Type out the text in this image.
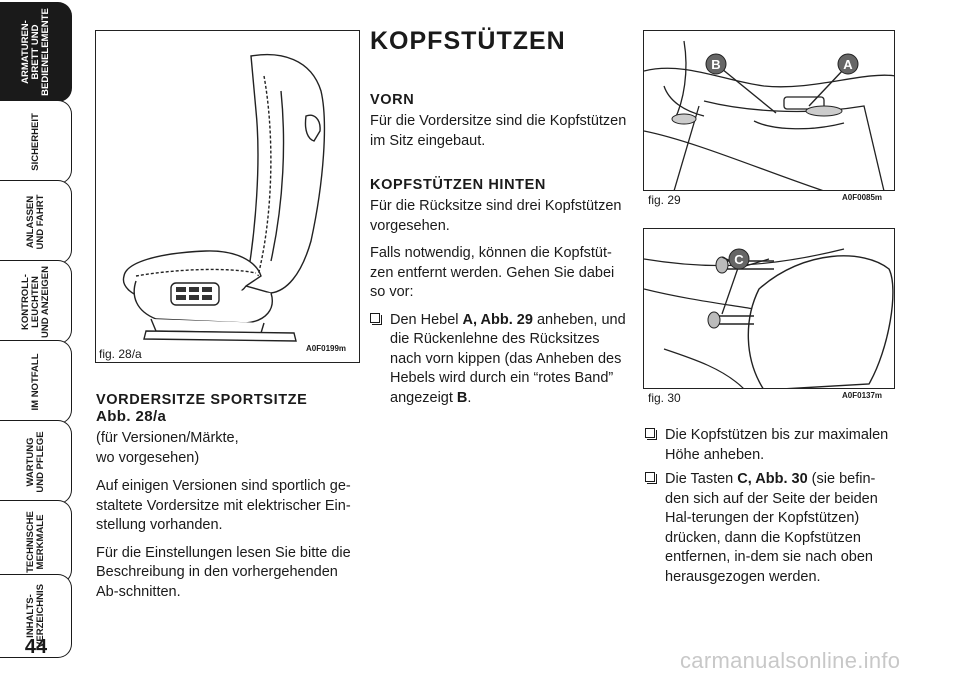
ARMATUREN-
BRETT UND
BEDIENELEMENTE
SICHERHEIT
ANLASSEN
UND FAHRT
KONTROLL-
LEUCHTEN
UND ANZEIGEN
IM NOTFALL
WARTUNG
UND PFLEGE
TECHNISCHE
MERKMALE
INHALTS-
VERZEICHNIS
44
fig. 28/a	A0F0199m
VORDERSITZE SPORTSITZE
Abb. 28/a

(für Versionen/Märkte,
wo vorgesehen)

Auf einigen Versionen sind sportlich ge-staltete Vordersitze mit elektrischer Ein-stellung vorhanden.

Für die Einstellungen lesen Sie bitte die Beschreibung in den vorhergehenden Ab-schnitten.

KOPFSTÜTZEN
VORN

Für die Vordersitze sind die Kopfstützen im Sitz eingebaut.

KOPFSTÜTZEN HINTEN

Für die Rücksitze sind drei Kopfstützen vorgesehen.

Falls notwendig, können die Kopfstüt-zen entfernt werden. Gehen Sie dabei so vor:

Den Hebel A, Abb. 29 anheben, und die Rückenlehne des Rücksitzes nach vorn kippen (das Anheben des Hebels wird durch ein “rotes Band” angezeigt B.
B	A
fig. 29	A0F0085m
C
fig. 30	A0F0137m
Die Kopfstützen bis zur maximalen Höhe anheben.
Die Tasten C, Abb. 30 (sie befin-den sich auf der Seite der beiden Hal-terungen der Kopfstützen) drücken, dann die Kopfstützen entfernen, in-dem sie nach oben herausgezogen werden.
carmanualsonline.info
